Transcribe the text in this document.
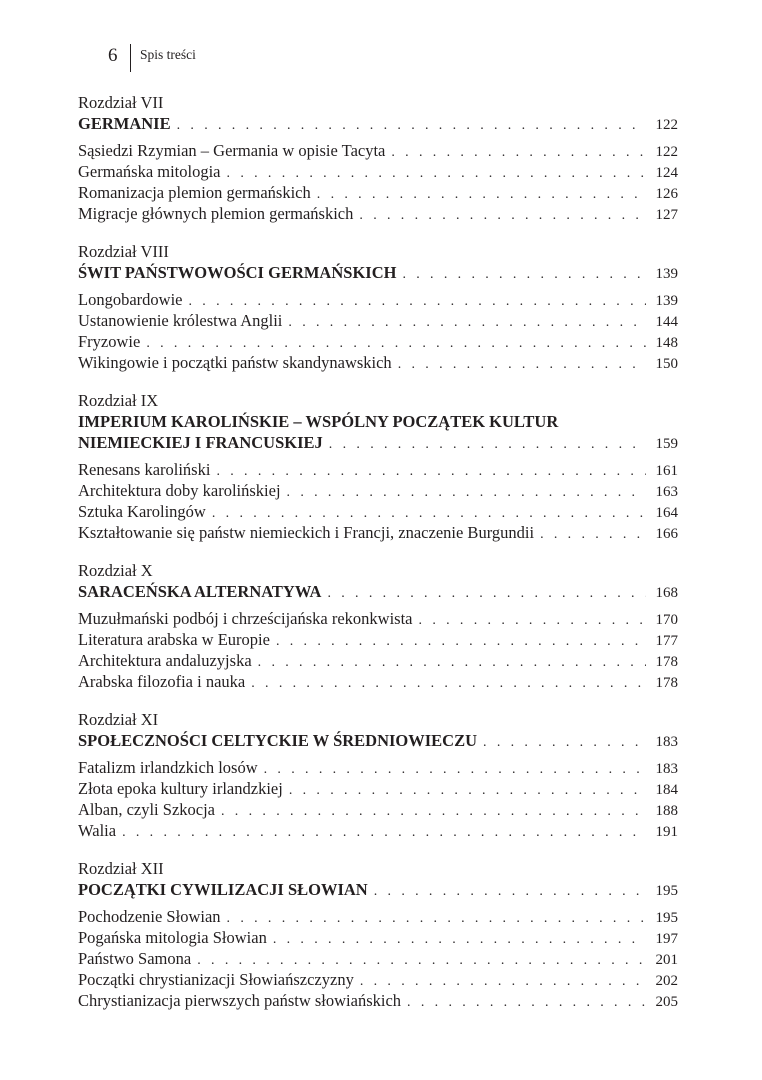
6	Spis treści
Rozdział VII
GERMANIE . . .	122
Sąsiedzi Rzymian – Germania w opisie Tacyta . . .	122
Germańska mitologia . . .	124
Romanizacja plemion germańskich . . .	126
Migracje głównych plemion germańskich . . .	127
Rozdział VIII
ŚWIT PAŃSTWOWOŚCI GERMAŃSKICH . . .	139
Longobardowie . . .	139
Ustanowienie królestwa Anglii . . .	144
Fryzowie . . .	148
Wikingowie i początki państw skandynawskich . . .	150
Rozdział IX
IMPERIUM KAROLIŃSKIE – WSPÓLNY POCZĄTEK KULTUR
NIEMIECKIEJ I FRANCUSKIEJ . . .	159
Renesans karoliński . . .	161
Architektura doby karolińskiej . . .	163
Sztuka Karolingów . . .	164
Kształtowanie się państw niemieckich i Francji, znaczenie Burgundii . . .	166
Rozdział X
SARACEŃSKA ALTERNATYWA . . .	168
Muzułmański podbój i chrześcijańska rekonkwista . . .	170
Literatura arabska w Europie . . .	177
Architektura andaluzyjska . . .	178
Arabska filozofia i nauka . . .	178
Rozdział XI
SPOŁECZNOŚCI CELTYCKIE W ŚREDNIOWIECZU . . .	183
Fatalizm irlandzkich losów . . .	183
Złota epoka kultury irlandzkiej . . .	184
Alban, czyli Szkocja . . .	188
Walia . . .	191
Rozdział XII
POCZĄTKI CYWILIZACJI SŁOWIAN . . .	195
Pochodzenie Słowian . . .	195
Pogańska mitologia Słowian . . .	197
Państwo Samona . . .	201
Początki chrystianizacji Słowiańszczyzny . . .	202
Chrystianizacja pierwszych państw słowiańskich . . .	205
